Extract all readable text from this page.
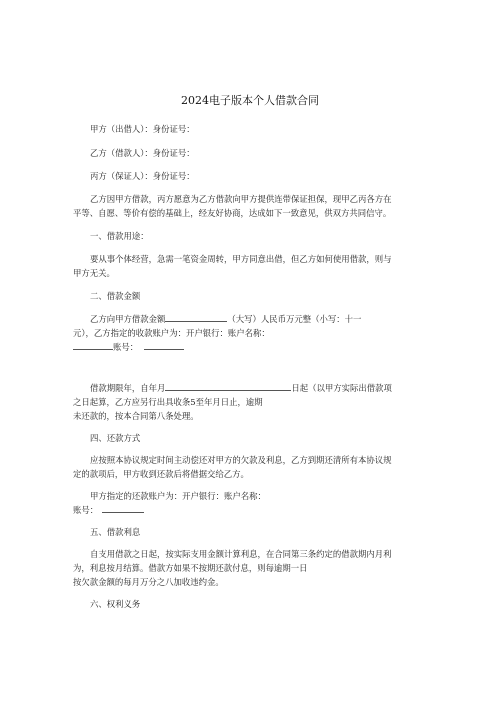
2024电子版本个人借款合同
甲方（出借人）：身份证号：
乙方（借款人）：身份证号：
丙方（保证人）：身份证号：
乙方因甲方借款，丙方愿意为乙方借款向甲方提供连带保证担保，现甲乙丙各方在
平等、自愿、等价有偿的基础上，经友好协商，达成如下一致意见，供双方共同信守。
一、借款用途：
要从事个体经营，急需一笔资金周转，甲方同意出借，但乙方如何使用借款，则与
甲方无关。
二、借款金额
乙方向甲方借款金额	（大写）人民币万元整（小写：十一
元），乙方指定的收款账户为：开户银行：账户名称：
账号：
借款期限年，自年月	日起（以甲方实际出借款项
之日起算，乙方应另行出具收条5至年月日止，逾期
未还款的，按本合同第八条处理。
四、还款方式
应按照本协议规定时间主动偿还对甲方的欠款及利息，乙方到期还清所有本协议规
定的款项后，甲方收到还款后将借据交给乙方。
甲方指定的还款账户为：开户银行：账户名称：
账号：
五、借款利息
自支用借款之日起，按实际支用金额计算利息，在合同第三条约定的借款期内月利
为，利息按月结算。借款方如果不按期还款付息，则每逾期一日
按欠款金额的每月万分之八加收违约金。
六、权利义务
